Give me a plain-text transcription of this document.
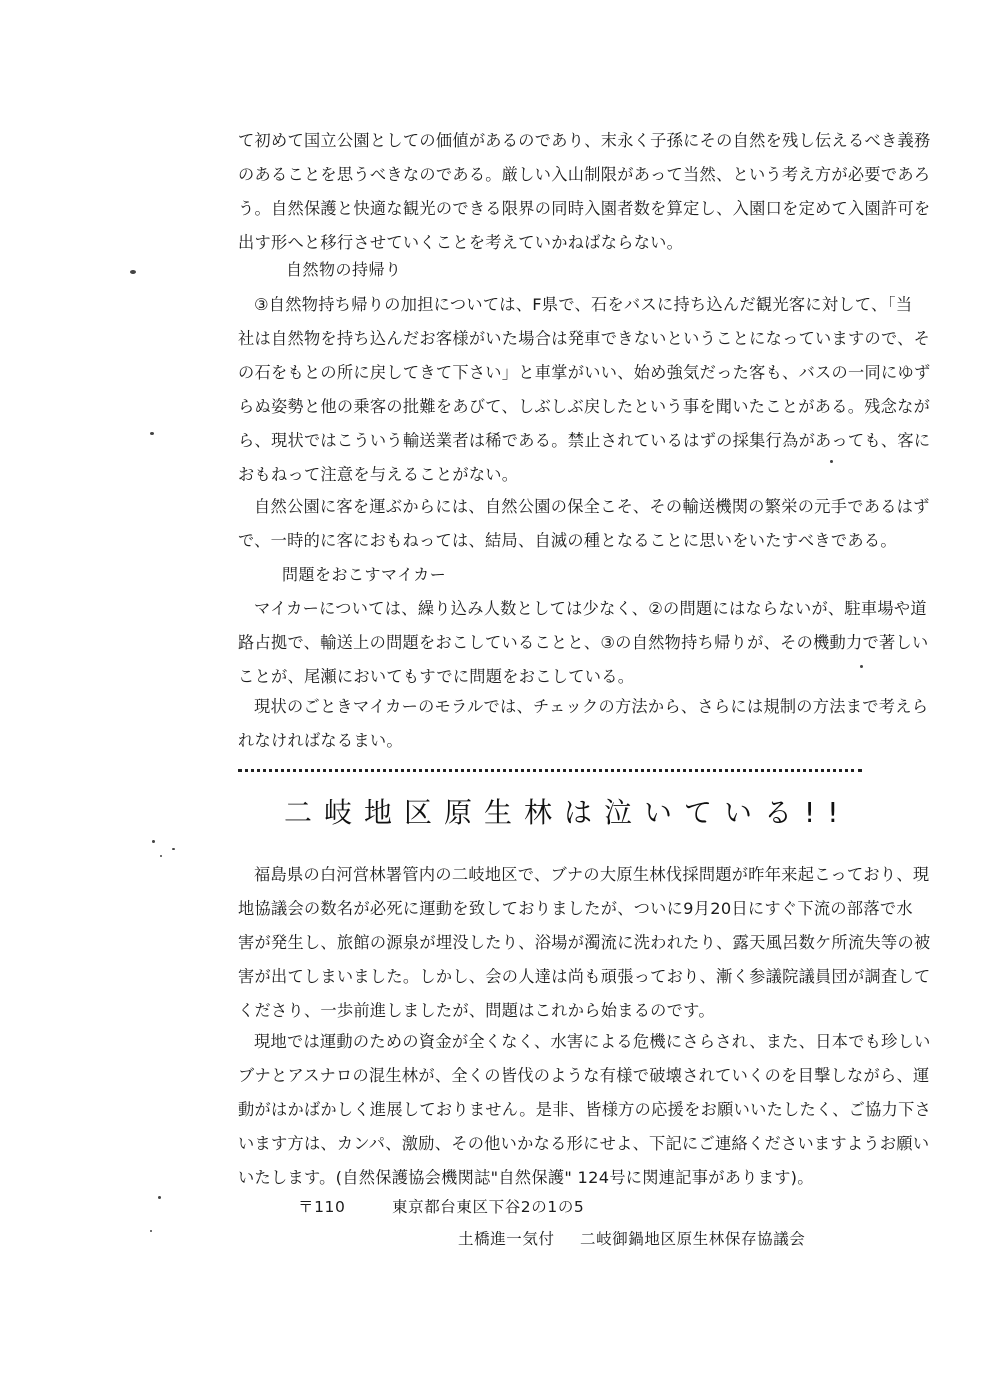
て初めて国立公園としての価値があるのであり、末永く子孫にその自然を残し伝えるべき義務
のあることを思うべきなのである。厳しい入山制限があって当然、という考え方が必要であろ
う。自然保護と快適な観光のできる限界の同時入園者数を算定し、入園口を定めて入園許可を
出す形へと移行させていくことを考えていかねばならない。
自然物の持帰り
③自然物持ち帰りの加担については、F県で、石をバスに持ち込んだ観光客に対して、「当
社は自然物を持ち込んだお客様がいた場合は発車できないということになっていますので、そ
の石をもとの所に戻してきて下さい」と車掌がいい、始め強気だった客も、バスの一同にゆず
らぬ姿勢と他の乗客の批難をあびて、しぶしぶ戻したという事を聞いたことがある。残念なが
ら、現状ではこういう輸送業者は稀である。禁止されているはずの採集行為があっても、客に
おもねって注意を与えることがない。
自然公園に客を運ぶからには、自然公園の保全こそ、その輸送機関の繁栄の元手であるはず
で、一時的に客におもねっては、結局、自滅の種となることに思いをいたすべきである。
問題をおこすマイカー
マイカーについては、繰り込み人数としては少なく、②の問題にはならないが、駐車場や道
路占拠で、輸送上の問題をおこしていることと、③の自然物持ち帰りが、その機動力で著しい
ことが、尾瀬においてもすでに問題をおこしている。
現状のごときマイカーのモラルでは、チェックの方法から、さらには規制の方法まで考えら
れなければなるまい。
二岐地区原生林は泣いている!!
福島県の白河営林署管内の二岐地区で、ブナの大原生林伐採問題が昨年来起こっており、現
地協議会の数名が必死に運動を致しておりましたが、ついに9月20日にすぐ下流の部落で水
害が発生し、旅館の源泉が埋没したり、浴場が濁流に洗われたり、露天風呂数ケ所流失等の被
害が出てしまいました。しかし、会の人達は尚も頑張っており、漸く参議院議員団が調査して
くださり、一歩前進しましたが、問題はこれから始まるのです。
現地では運動のための資金が全くなく、水害による危機にさらされ、また、日本でも珍しい
ブナとアスナロの混生林が、全くの皆伐のような有様で破壊されていくのを目撃しながら、運
動がはかばかしく進展しておりません。是非、皆様方の応援をお願いいたしたく、ご協力下さ
います方は、カンパ、激励、その他いかなる形にせよ、下記にご連絡くださいますようお願い
いたします。(自然保護協会機関誌"自然保護" 124号に関連記事があります)。
〒110	東京都台東区下谷2の1の5
土橋進一気付 二岐御鍋地区原生林保存協議会
